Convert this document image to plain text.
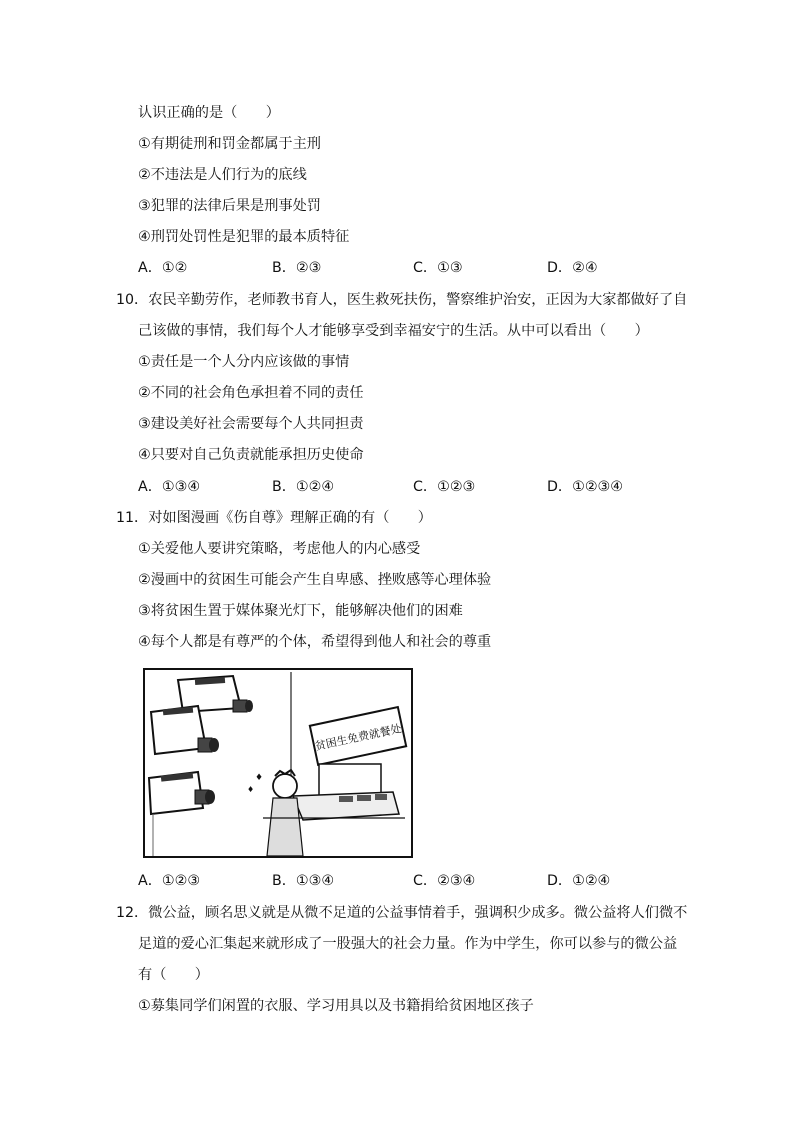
认识正确的是（　　）
①有期徒刑和罚金都属于主刑
②不违法是人们行为的底线
③犯罪的法律后果是刑事处罚
④刑罚处罚性是犯罪的最本质特征
A．①②	B．②③	C．①③	D．②④
10．农民辛勤劳作，老师教书育人，医生救死扶伤，警察维护治安，正因为大家都做好了自
己该做的事情，我们每个人才能够享受到幸福安宁的生活。从中可以看出（　　）
①责任是一个人分内应该做的事情
②不同的社会角色承担着不同的责任
③建设美好社会需要每个人共同担责
④只要对自己负责就能承担历史使命
A．①③④	B．①②④	C．①②③	D．①②③④
11．对如图漫画《伤自尊》理解正确的有（　　）
①关爱他人要讲究策略，考虑他人的内心感受
②漫画中的贫困生可能会产生自卑感、挫败感等心理体验
③将贫困生置于媒体聚光灯下，能够解决他们的困难
④每个人都是有尊严的个体，希望得到他人和社会的尊重
贫困生免费就餐处
♦
♦
A．①②③	B．①③④	C．②③④	D．①②④
12．微公益，顾名思义就是从微不足道的公益事情着手，强调积少成多。微公益将人们微不
足道的爱心汇集起来就形成了一股强大的社会力量。作为中学生，你可以参与的微公益
有（　　）
①募集同学们闲置的衣服、学习用具以及书籍捐给贫困地区孩子
